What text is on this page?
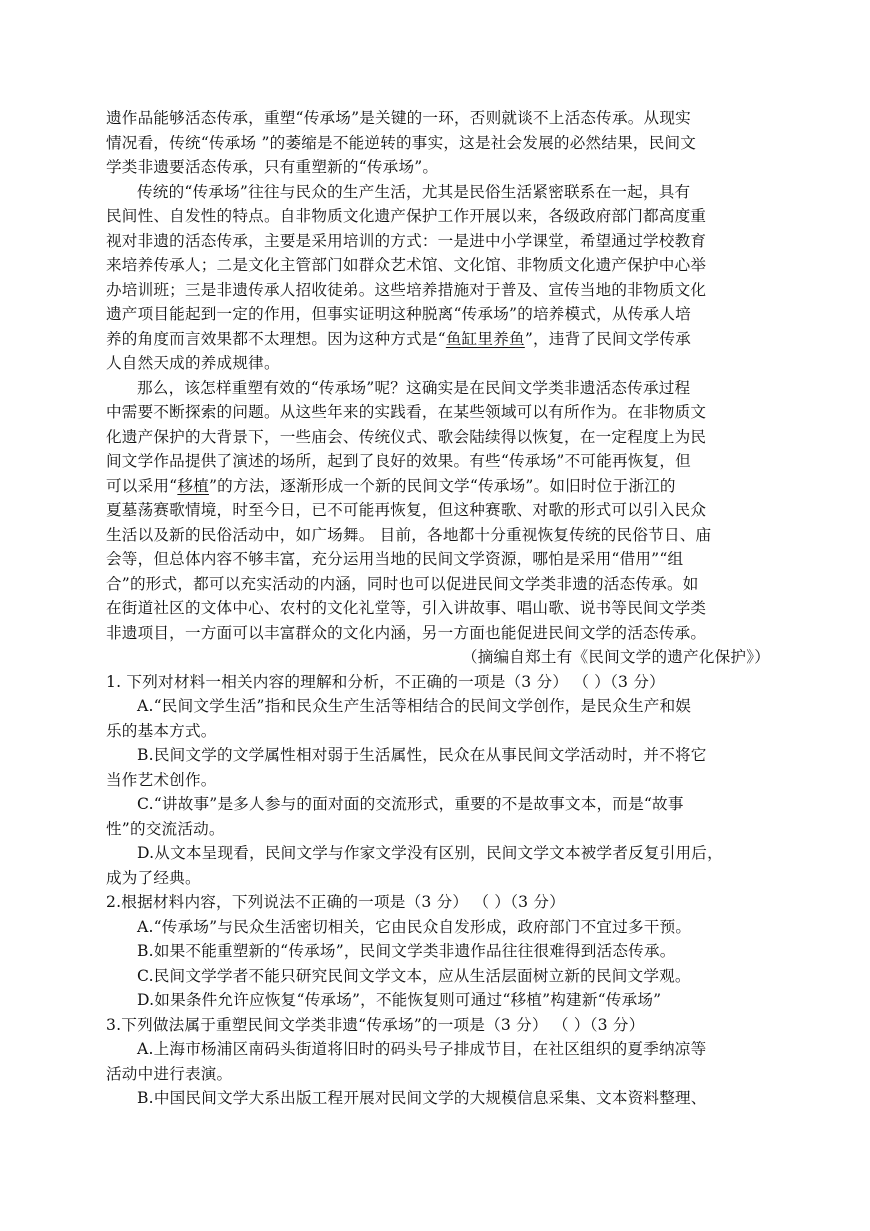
遗作品能够活态传承，重塑“传承场”是关键的一环，否则就谈不上活态传承。从现实
情况看，传统“传承场 ”的萎缩是不能逆转的事实，这是社会发展的必然结果，民间文
学类非遗要活态传承，只有重塑新的“传承场”。
传统的“传承场”往往与民众的生产生活，尤其是民俗生活紧密联系在一起，具有
民间性、自发性的特点。自非物质文化遗产保护工作开展以来，各级政府部门都高度重
视对非遗的活态传承，主要是采用培训的方式：一是进中小学课堂，希望通过学校教育
来培养传承人；二是文化主管部门如群众艺术馆、文化馆、非物质文化遗产保护中心举
办培训班；三是非遗传承人招收徒弟。这些培养措施对于普及、宣传当地的非物质文化
遗产项目能起到一定的作用，但事实证明这种脱离“传承场”的培养模式，从传承人培
养的角度而言效果都不太理想。因为这种方式是“鱼缸里养鱼”，违背了民间文学传承
人自然天成的养成规律。
那么，该怎样重塑有效的“传承场”呢？这确实是在民间文学类非遗活态传承过程
中需要不断探索的问题。从这些年来的实践看，在某些领域可以有所作为。在非物质文
化遗产保护的大背景下，一些庙会、传统仪式、歌会陆续得以恢复，在一定程度上为民
间文学作品提供了演述的场所，起到了良好的效果。有些“传承场”不可能再恢复，但
可以采用“移植”的方法，逐渐形成一个新的民间文学“传承场”。如旧时位于浙江的
夏墓荡赛歌情境，时至今日，已不可能再恢复，但这种赛歌、对歌的形式可以引入民众
生活以及新的民俗活动中，如广场舞。 目前，各地都十分重视恢复传统的民俗节日、庙
会等，但总体内容不够丰富，充分运用当地的民间文学资源，哪怕是采用“借用”“组
合”的形式，都可以充实活动的内涵，同时也可以促进民间文学类非遗的活态传承。如
在街道社区的文体中心、农村的文化礼堂等，引入讲故事、唱山歌、说书等民间文学类
非遗项目，一方面可以丰富群众的文化内涵，另一方面也能促进民间文学的活态传承。
（摘编自郑土有《民间文学的遗产化保护》）
1. 下列对材料一相关内容的理解和分析，不正确的一项是（3 分） （ ）（3 分）
A.“民间文学生活”指和民众生产生活等相结合的民间文学创作，是民众生产和娱
乐的基本方式。
B.民间文学的文学属性相对弱于生活属性，民众在从事民间文学活动时，并不将它
当作艺术创作。
C.“讲故事”是多人参与的面对面的交流形式，重要的不是故事文本，而是“故事
性”的交流活动。
D.从文本呈现看，民间文学与作家文学没有区别，民间文学文本被学者反复引用后，
成为了经典。
2.根据材料内容，下列说法不正确的一项是（3 分） （ ）（3 分）
A.“传承场”与民众生活密切相关，它由民众自发形成，政府部门不宜过多干预。
B.如果不能重塑新的“传承场”，民间文学类非遗作品往往很难得到活态传承。
C.民间文学学者不能只研究民间文学文本，应从生活层面树立新的民间文学观。
D.如果条件允许应恢复“传承场”，不能恢复则可通过“移植”构建新“传承场”
3.下列做法属于重塑民间文学类非遗“传承场”的一项是（3 分） （ ）（3 分）
A.上海市杨浦区南码头街道将旧时的码头号子排成节目，在社区组织的夏季纳凉等
活动中进行表演。
B.中国民间文学大系出版工程开展对民间文学的大规模信息采集、文本资料整理、
